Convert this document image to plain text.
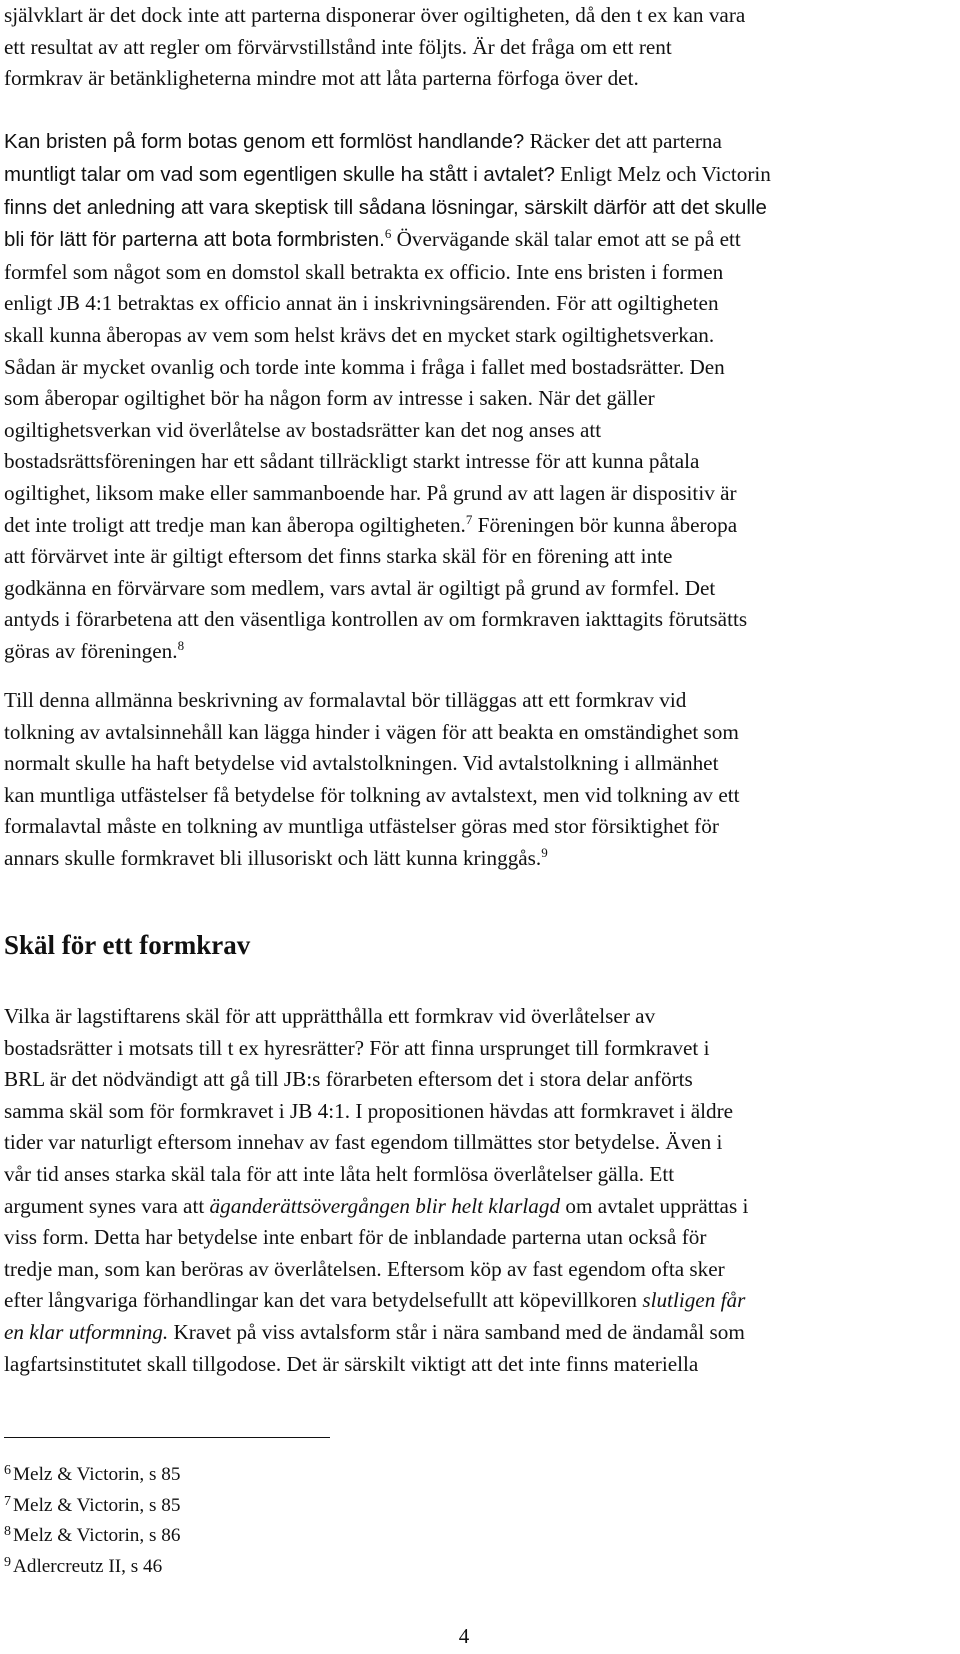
självklart är det dock inte att parterna disponerar över ogiltigheten, då den t ex kan vara
ett resultat av att regler om förvärvstillstånd inte följts. Är det fråga om ett rent
formkrav är betänkligheterna mindre mot att låta parterna förfoga över det.

Kan bristen på form botas genom ett formlöst handlande? Räcker det att parterna
muntligt talar om vad som egentligen skulle ha stått i avtalet? Enligt Melz och Victorin
finns det anledning att vara skeptisk till sådana lösningar, särskilt därför att det skulle
bli för lätt för parterna att bota formbristen.$^6$ Övervägande skäl talar emot att se på ett
formfel som något som en domstol skall betrakta ex officio. Inte ens bristen i formen
enligt JB 4:1 betraktas ex officio annat än i inskrivningsärenden. För att ogiltigheten
skall kunna åberopas av vem som helst krävs det en mycket stark ogiltighetsverkan.
Sådan är mycket ovanlig och torde inte komma i fråga i fallet med bostadsrätter. Den
som åberopar ogiltighet bör ha någon form av intresse i saken. När det gäller
ogiltighetsverkan vid överlåtelse av bostadsrätter kan det nog anses att
bostadsrättsföreningen har ett sådant tillräckligt starkt intresse för att kunna påtala
ogiltighet, liksom make eller sammanboende har. På grund av att lagen är dispositiv är
det inte troligt att tredje man kan åberopa ogiltigheten.$^7$ Föreningen bör kunna åberopa
att förvärvet inte är giltigt eftersom det finns starka skäl för en förening att inte
godkänna en förvärvare som medlem, vars avtal är ogiltigt på grund av formfel. Det
antyds i förarbetena att den väsentliga kontrollen av om formkraven iakttagits förutsätts
göras av föreningen.$^8$

Till denna allmänna beskrivning av formalavtal bör tilläggas att ett formkrav vid
tolkning av avtalsinnehåll kan lägga hinder i vägen för att beakta en omständighet som
normalt skulle ha haft betydelse vid avtalstolkningen. Vid avtalstolkning i allmänhet
kan muntliga utfästelser få betydelse för tolkning av avtalstext, men vid tolkning av ett
formalavtal måste en tolkning av muntliga utfästelser göras med stor försiktighet för
annars skulle formkravet bli illusoriskt och lätt kunna kringgås.$^9$

Skäl för ett formkrav

Vilka är lagstiftarens skäl för att upprätthålla ett formkrav vid överlåtelser av
bostadsrätter i motsats till t ex hyresrätter? För att finna ursprunget till formkravet i
BRL är det nödvändigt att gå till JB:s förarbeten eftersom det i stora delar anförts
samma skäl som för formkravet i JB 4:1. I propositionen hävdas att formkravet i äldre
tider var naturligt eftersom innehav av fast egendom tillmättes stor betydelse. Även i
vår tid anses starka skäl tala för att inte låta helt formlösa överlåtelser gälla. Ett
argument synes vara att äganderättsövergången blir helt klarlagd om avtalet upprättas i
viss form. Detta har betydelse inte enbart för de inblandade parterna utan också för
tredje man, som kan beröras av överlåtelsen. Eftersom köp av fast egendom ofta sker
efter långvariga förhandlingar kan det vara betydelsefullt att köpevillkoren slutligen får
en klar utformning. Kravet på viss avtalsform står i nära samband med de ändamål som
lagfartsinstitutet skall tillgodose. Det är särskilt viktigt att det inte finns materiella

$^6$ Melz & Victorin, s 85
$^7$ Melz & Victorin, s 85
$^8$ Melz & Victorin, s 86
$^9$ Adlercreutz II, s 46
4
